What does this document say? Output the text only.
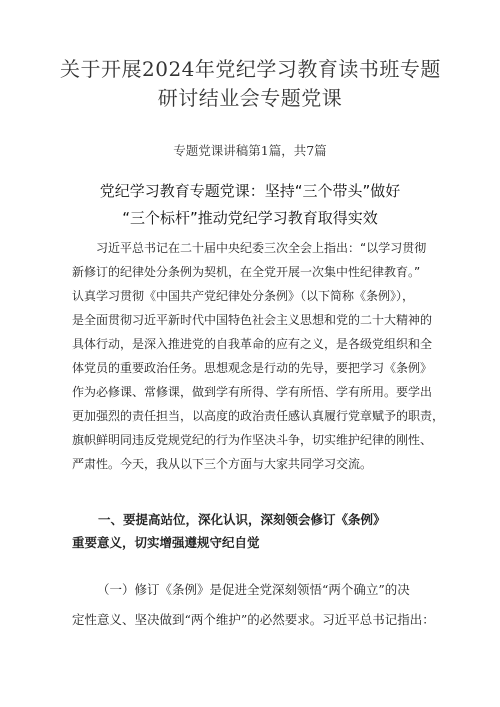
关于开展2024年党纪学习教育读书班专题
研讨结业会专题党课

专题党课讲稿第1篇，共7篇

党纪学习教育专题党课：坚持“三个带头”做好
“三个标杆”推动党纪学习教育取得实效

习近平总书记在二十届中央纪委三次全会上指出：“以学习贯彻
新修订的纪律处分条例为契机，在全党开展一次集中性纪律教育。”
认真学习贯彻《中国共产党纪律处分条例》（以下简称《条例》），
是全面贯彻习近平新时代中国特色社会主义思想和党的二十大精神的
具体行动，是深入推进党的自我革命的应有之义，是各级党组织和全
体党员的重要政治任务。思想观念是行动的先导，要把学习《条例》
作为必修课、常修课，做到学有所得、学有所悟、学有所用。要学出
更加强烈的责任担当，以高度的政治责任感认真履行党章赋予的职责，
旗帜鲜明同违反党规党纪的行为作坚决斗争，切实维护纪律的刚性、
严肃性。今天，我从以下三个方面与大家共同学习交流。

一、要提高站位，深化认识，深刻领会修订《条例》
重要意义，切实增强遵规守纪自觉

（一）修订《条例》是促进全党深刻领悟“两个确立”的决
定性意义、坚决做到“两个维护”的必然要求。习近平总书记指出：
